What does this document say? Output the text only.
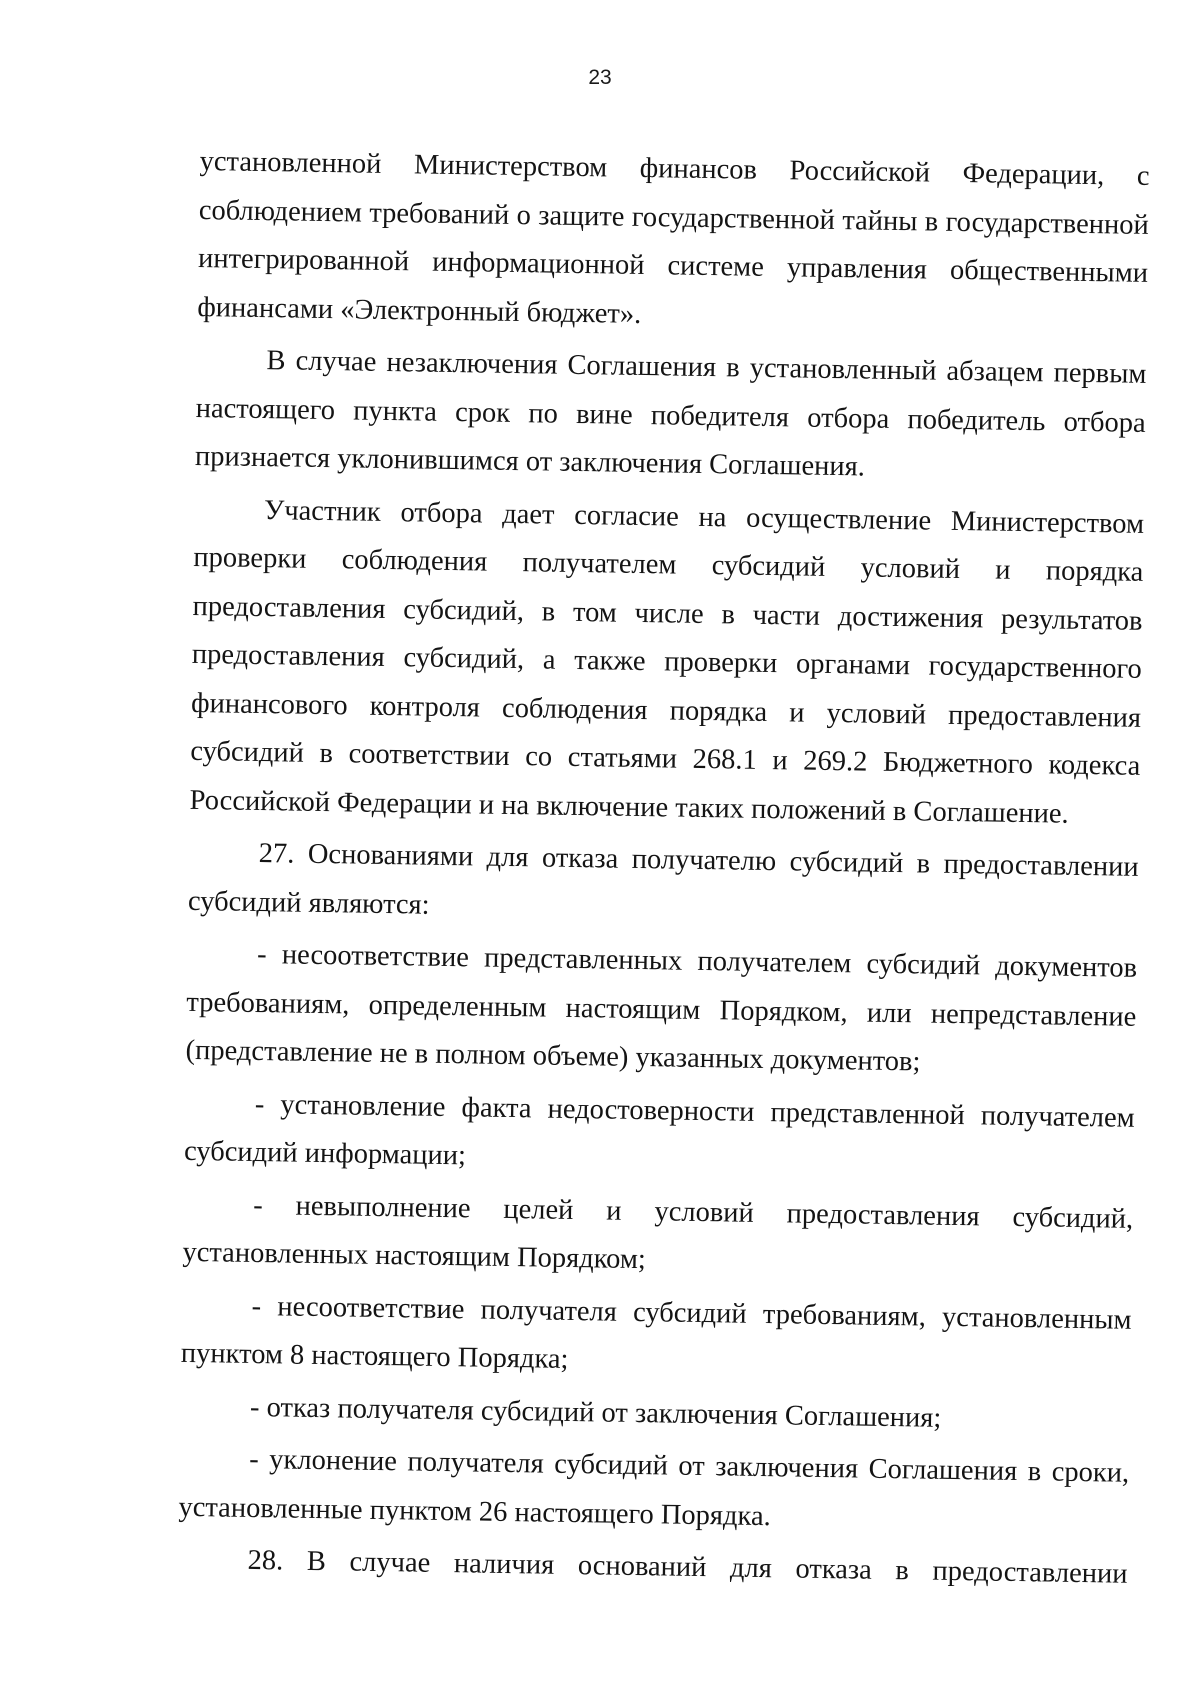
23

установленной Министерством финансов Российской Федерации, с соблюдением требований о защите государственной тайны в государственной интегрированной информационной системе управления общественными финансами «Электронный бюджет».

В случае незаключения Соглашения в установленный абзацем первым настоящего пункта срок по вине победителя отбора победитель отбора признается уклонившимся от заключения Соглашения.

Участник отбора дает согласие на осуществление Министерством проверки соблюдения получателем субсидий условий и порядка предоставления субсидий, в том числе в части достижения результатов предоставления субсидий, а также проверки органами государственного финансового контроля соблюдения порядка и условий предоставления субсидий в соответствии со статьями 268.1 и 269.2 Бюджетного кодекса Российской Федерации и на включение таких положений в Соглашение.

27. Основаниями для отказа получателю субсидий в предоставлении субсидий являются:

- несоответствие представленных получателем субсидий документов требованиям, определенным настоящим Порядком, или непредставление (представление не в полном объеме) указанных документов;

- установление факта недостоверности представленной получателем субсидий информации;

- невыполнение целей и условий предоставления субсидий, установленных настоящим Порядком;

- несоответствие получателя субсидий требованиям, установленным пунктом 8 настоящего Порядка;

- отказ получателя субсидий от заключения Соглашения;

- уклонение получателя субсидий от заключения Соглашения в сроки, установленные пунктом 26 настоящего Порядка.

28. В случае наличия оснований для отказа в предоставлении
